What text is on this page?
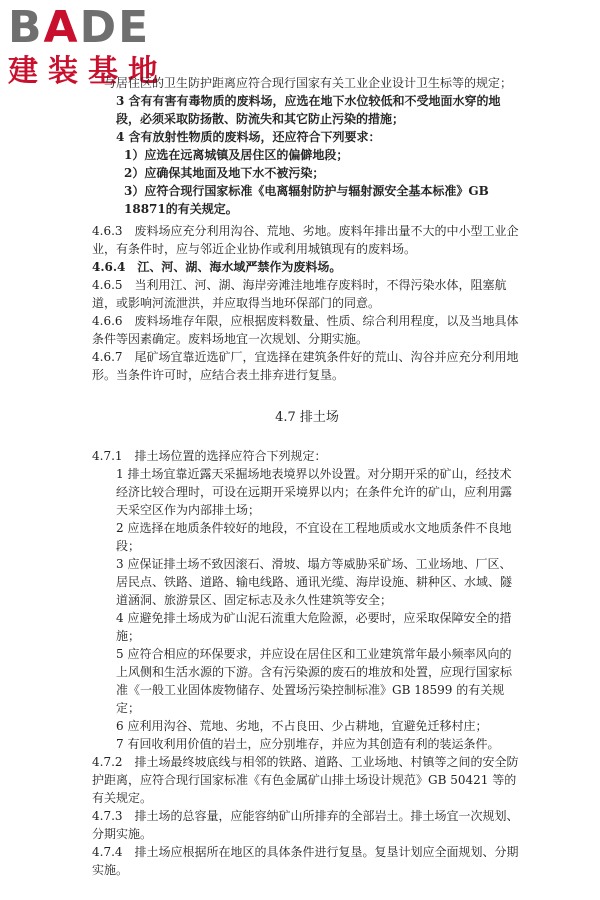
BADE
建装基地

与居住区的卫生防护距离应符合现行国家有关工业企业设计卫生标等的规定；

3 含有有害有毒物质的废料场，应选在地下水位较低和不受地面水穿的地段，必须采取防扬散、防流失和其它防止污染的措施；

4 含有放射性物质的废料场，还应符合下列要求：

1）应选在远离城镇及居住区的偏僻地段；

2）应确保其地面及地下水不被污染；

3）应符合现行国家标准《电离辐射防护与辐射源安全基本标准》GB 18871的有关规定。

4.6.3　废料场应充分利用沟谷、荒地、劣地。废料年排出量不大的中小型工业企业，有条件时，应与邻近企业协作或利用城镇现有的废料场。

4.6.4　江、河、湖、海水域严禁作为废料场。

4.6.5　当利用江、河、湖、海岸旁滩洼地堆存废料时，不得污染水体，阻塞航道，或影响河流泄洪，并应取得当地环保部门的同意。

4.6.6　废料场堆存年限，应根据废料数量、性质、综合利用程度，以及当地具体条件等因素确定。废料场地宜一次规划、分期实施。

4.6.7　尾矿场宜靠近选矿厂，宜选择在建筑条件好的荒山、沟谷并应充分利用地形。当条件许可时，应结合表土排弃进行复垦。

4.7 排土场

4.7.1　排土场位置的选择应符合下列规定：

1 排土场宜靠近露天采掘场地表境界以外设置。对分期开采的矿山，经技术经济比较合理时，可设在远期开采境界以内；在条件允许的矿山，应利用露天采空区作为内部排土场；

2 应选择在地质条件较好的地段，不宜设在工程地质或水文地质条件不良地段；

3 应保证排土场不致因滚石、滑坡、塌方等威胁采矿场、工业场地、厂区、居民点、铁路、道路、输电线路、通讯光缆、海岸设施、耕种区、水域、隧道涵洞、旅游景区、固定标志及永久性建筑等安全；

4 应避免排土场成为矿山泥石流重大危险源，必要时，应采取保障安全的措施；

5 应符合相应的环保要求，并应设在居住区和工业建筑常年最小频率风向的上风侧和生活水源的下游。含有污染源的废石的堆放和处置，应现行国家标准《一般工业固体废物储存、处置场污染控制标准》GB 18599 的有关规定；

6 应利用沟谷、荒地、劣地，不占良田、少占耕地，宜避免迁移村庄；

7 有回收利用价值的岩土，应分别堆存，并应为其创造有利的装运条件。

4.7.2　排土场最终坡底线与相邻的铁路、道路、工业场地、村镇等之间的安全防护距离，应符合现行国家标准《有色金属矿山排土场设计规范》GB 50421 等的有关规定。

4.7.3　排土场的总容量，应能容纳矿山所排弃的全部岩土。排土场宜一次规划、分期实施。

4.7.4　排土场应根据所在地区的具体条件进行复垦。复垦计划应全面规划、分期实施。
